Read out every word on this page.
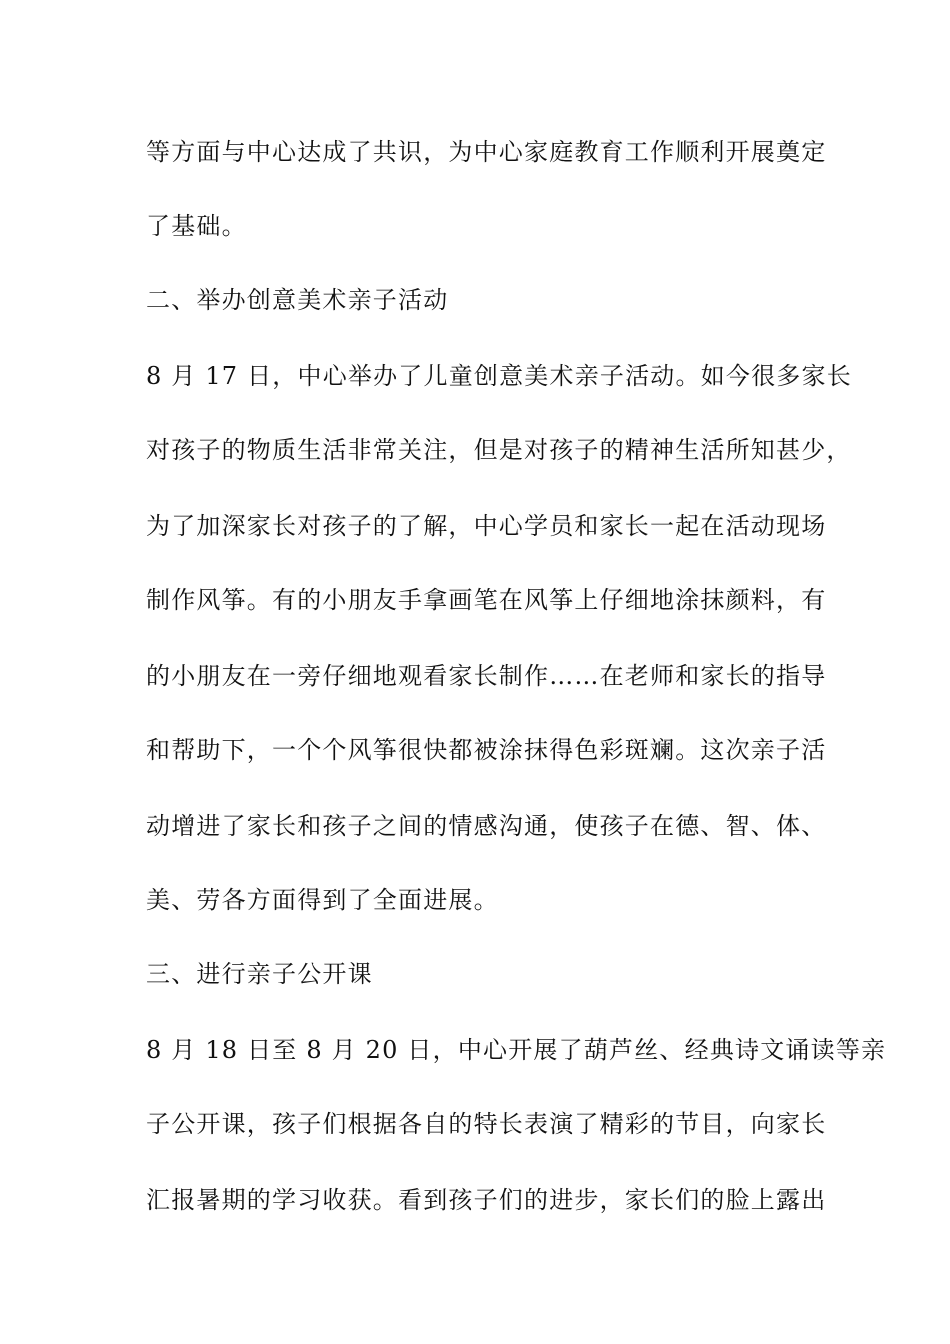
等方面与中心达成了共识，为中心家庭教育工作顺利开展奠定
了基础。
二、举办创意美术亲子活动
8 月 17 日，中心举办了儿童创意美术亲子活动。如今很多家长
对孩子的物质生活非常关注，但是对孩子的精神生活所知甚少，
为了加深家长对孩子的了解，中心学员和家长一起在活动现场
制作风筝。有的小朋友手拿画笔在风筝上仔细地涂抹颜料，有
的小朋友在一旁仔细地观看家长制作……在老师和家长的指导
和帮助下，一个个风筝很快都被涂抹得色彩斑斓。这次亲子活
动增进了家长和孩子之间的情感沟通，使孩子在德、智、体、
美、劳各方面得到了全面进展。
三、进行亲子公开课
8 月 18 日至 8 月 20 日，中心开展了葫芦丝、经典诗文诵读等亲
子公开课，孩子们根据各自的特长表演了精彩的节目，向家长
汇报暑期的学习收获。看到孩子们的进步，家长们的脸上露出
